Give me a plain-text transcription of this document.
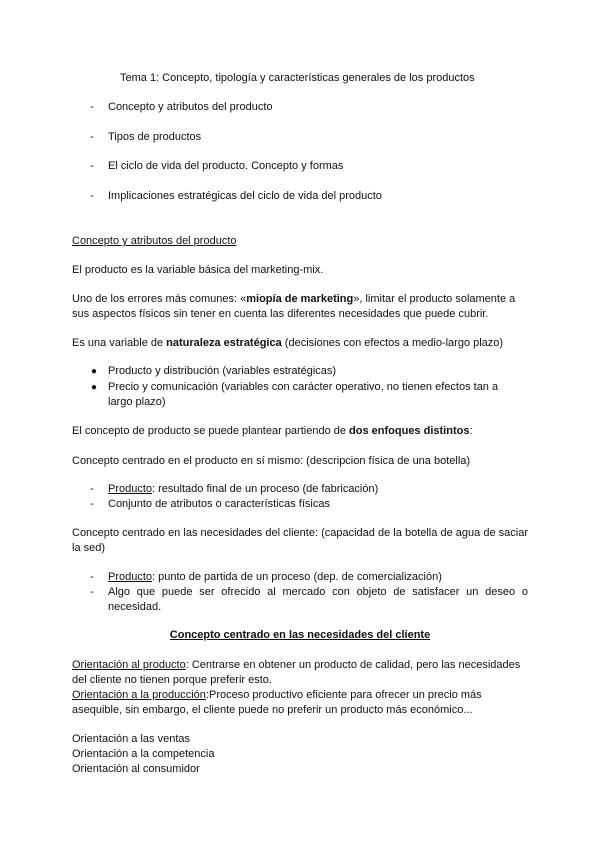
Tema 1: Concepto, tipología y características generales de los productos
- Concepto y atributos del producto
- Tipos de productos
- El ciclo de vida del producto. Concepto y formas
- Implicaciones estratégicas del ciclo de vida del producto
Concepto y atributos del producto
El producto es la variable básica del marketing-mix.
Uno de los errores más comunes: «miopía de marketing», limitar el producto solamente a
sus aspectos físicos sin tener en cuenta las diferentes necesidades que puede cubrir.
Es una variable de naturaleza estratégica (decisiones con efectos a medio-largo plazo)
● Producto y distribución (variables estratégicas)
● Precio y comunicación (variables con carácter operativo, no tienen efectos tan a
largo plazo)
El concepto de producto se puede plantear partiendo de dos enfoques distintos:
Concepto centrado en el producto en sí mismo: (descripcion física de una botella)
- Producto: resultado final de un proceso (de fabricación)
- Conjunto de atributos o características físicas
Concepto centrado en las necesidades del cliente: (capacidad de la botella de agua de saciar la sed)
- Producto: punto de partida de un proceso (dep. de comercialización)
- Algo que puede ser ofrecido al mercado con objeto de satisfacer un deseo o necesidad.
Concepto centrado en las necesidades del cliente
Orientación al producto: Centrarse en obtener un producto de calidad, pero las necesidades
del cliente no tienen porque preferir esto.
Orientación a la producción:Proceso productivo eficiente para ofrecer un precio más
asequible, sin embargo, el cliente puede no preferir un producto más económico...
Orientación a las ventas
Orientación a la competencia
Orientación al consumidor
